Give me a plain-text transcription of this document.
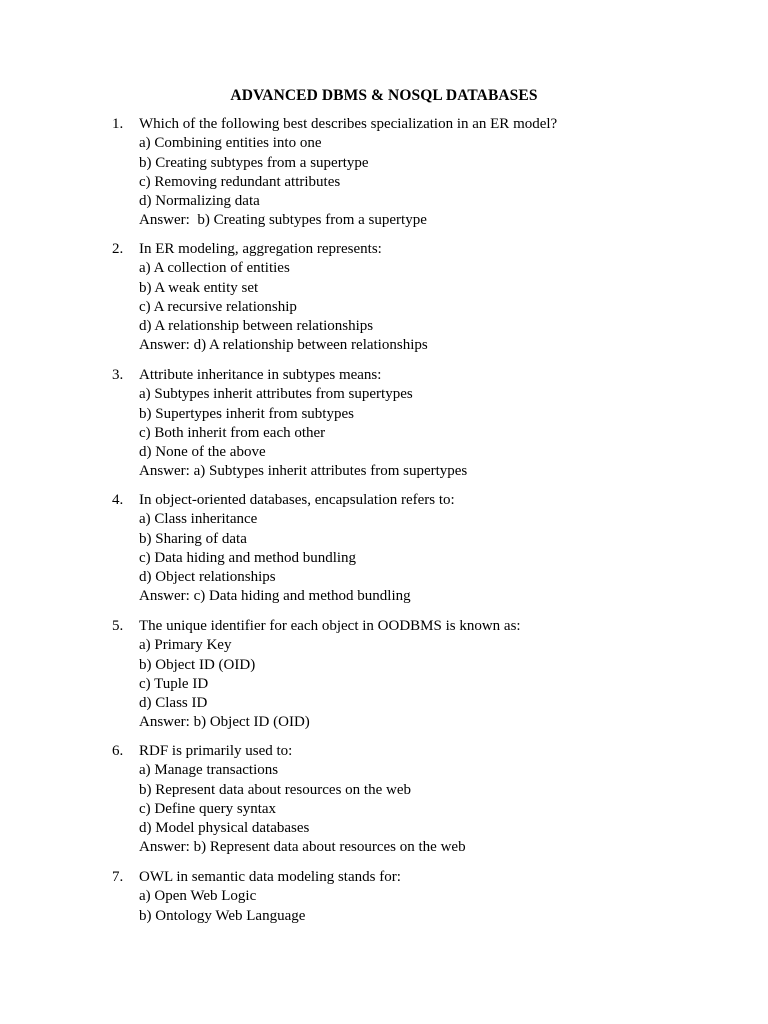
ADVANCED DBMS & NOSQL DATABASES
1. Which of the following best describes specialization in an ER model?
a) Combining entities into one
b) Creating subtypes from a supertype
c) Removing redundant attributes
d) Normalizing data
Answer:  b) Creating subtypes from a supertype
2. In ER modeling, aggregation represents:
a) A collection of entities
b) A weak entity set
c) A recursive relationship
d) A relationship between relationships
Answer: d) A relationship between relationships
3. Attribute inheritance in subtypes means:
a) Subtypes inherit attributes from supertypes
b) Supertypes inherit from subtypes
c) Both inherit from each other
d) None of the above
Answer: a) Subtypes inherit attributes from supertypes
4. In object-oriented databases, encapsulation refers to:
a) Class inheritance
b) Sharing of data
c) Data hiding and method bundling
d) Object relationships
Answer: c) Data hiding and method bundling
5. The unique identifier for each object in OODBMS is known as:
a) Primary Key
b) Object ID (OID)
c) Tuple ID
d) Class ID
Answer: b) Object ID (OID)
6. RDF is primarily used to:
a) Manage transactions
b) Represent data about resources on the web
c) Define query syntax
d) Model physical databases
Answer: b) Represent data about resources on the web
7. OWL in semantic data modeling stands for:
a) Open Web Logic
b) Ontology Web Language
